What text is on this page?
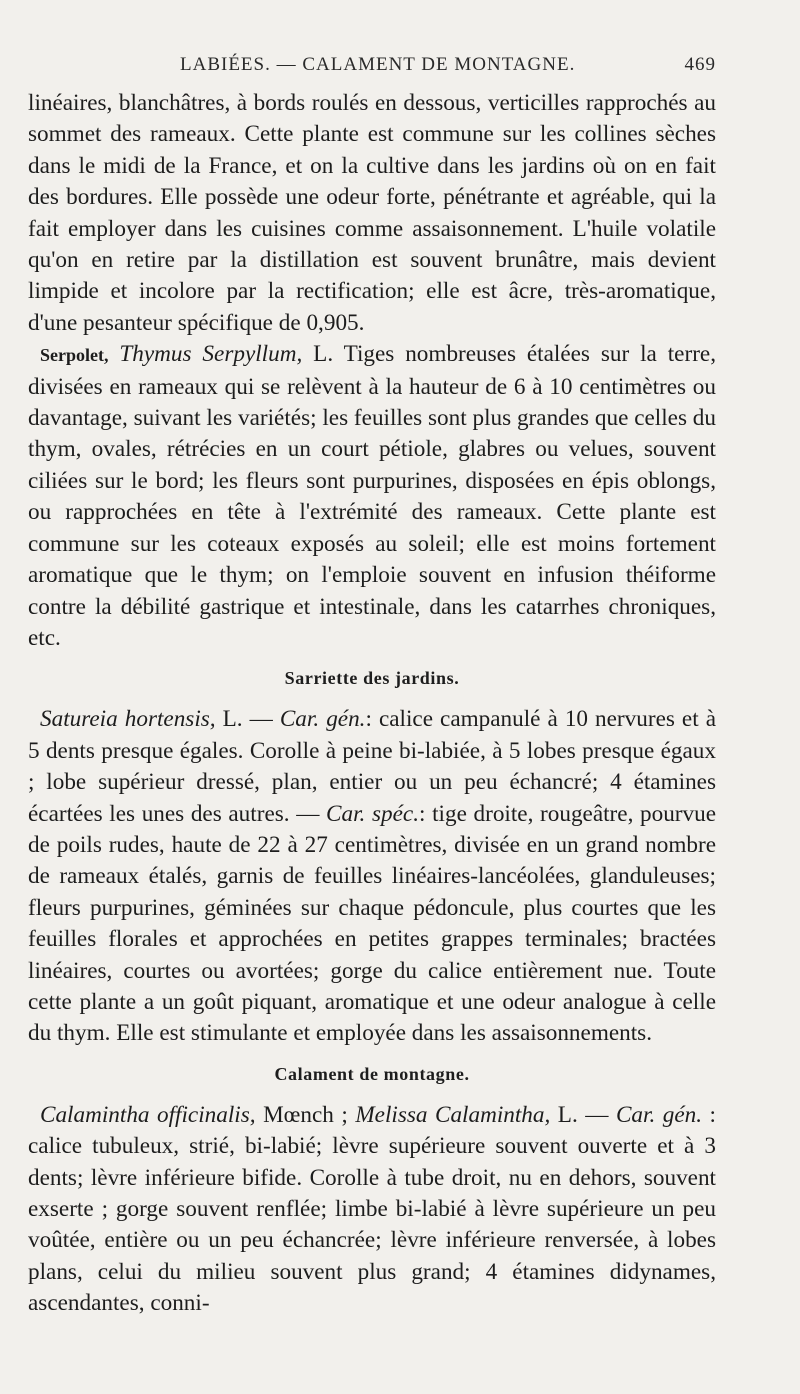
LABIÉES. — CALAMENT DE MONTAGNE.	469

linéaires, blanchâtres, à bords roulés en dessous, verticilles rapprochés au sommet des rameaux. Cette plante est commune sur les collines sèches dans le midi de la France, et on la cultive dans les jardins où on en fait des bordures. Elle possède une odeur forte, pénétrante et agréable, qui la fait employer dans les cuisines comme assaisonnement. L'huile volatile qu'on en retire par la distillation est souvent brunâtre, mais devient limpide et incolore par la rectification; elle est âcre, très-aromatique, d'une pesanteur spécifique de 0,905.

Serpolet, Thymus Serpyllum, L. Tiges nombreuses étalées sur la terre, divisées en rameaux qui se relèvent à la hauteur de 6 à 10 centimètres ou davantage, suivant les variétés; les feuilles sont plus grandes que celles du thym, ovales, rétrécies en un court pétiole, glabres ou velues, souvent ciliées sur le bord; les fleurs sont purpurines, disposées en épis oblongs, ou rapprochées en tête à l'extrémité des rameaux. Cette plante est commune sur les coteaux exposés au soleil; elle est moins fortement aromatique que le thym; on l'emploie souvent en infusion théiforme contre la débilité gastrique et intestinale, dans les catarrhes chroniques, etc.

Sarriette des jardins.

Satureia hortensis, L. — Car. gén.: calice campanulé à 10 nervures et à 5 dents presque égales. Corolle à peine bi-labiée, à 5 lobes presque égaux ; lobe supérieur dressé, plan, entier ou un peu échancré; 4 étamines écartées les unes des autres. — Car. spéc.: tige droite, rougeâtre, pourvue de poils rudes, haute de 22 à 27 centimètres, divisée en un grand nombre de rameaux étalés, garnis de feuilles linéaires-lancéolées, glanduleuses; fleurs purpurines, géminées sur chaque pédoncule, plus courtes que les feuilles florales et approchées en petites grappes terminales; bractées linéaires, courtes ou avortées; gorge du calice entièrement nue. Toute cette plante a un goût piquant, aromatique et une odeur analogue à celle du thym. Elle est stimulante et employée dans les assaisonnements.

Calament de montagne.

Calamintha officinalis, Mœnch ; Melissa Calamintha, L. — Car. gén. : calice tubuleux, strié, bi-labié; lèvre supérieure souvent ouverte et à 3 dents; lèvre inférieure bifide. Corolle à tube droit, nu en dehors, souvent exserte ; gorge souvent renflée; limbe bi-labié à lèvre supérieure un peu voûtée, entière ou un peu échancrée; lèvre inférieure renversée, à lobes plans, celui du milieu souvent plus grand; 4 étamines didynames, ascendantes, conni-
